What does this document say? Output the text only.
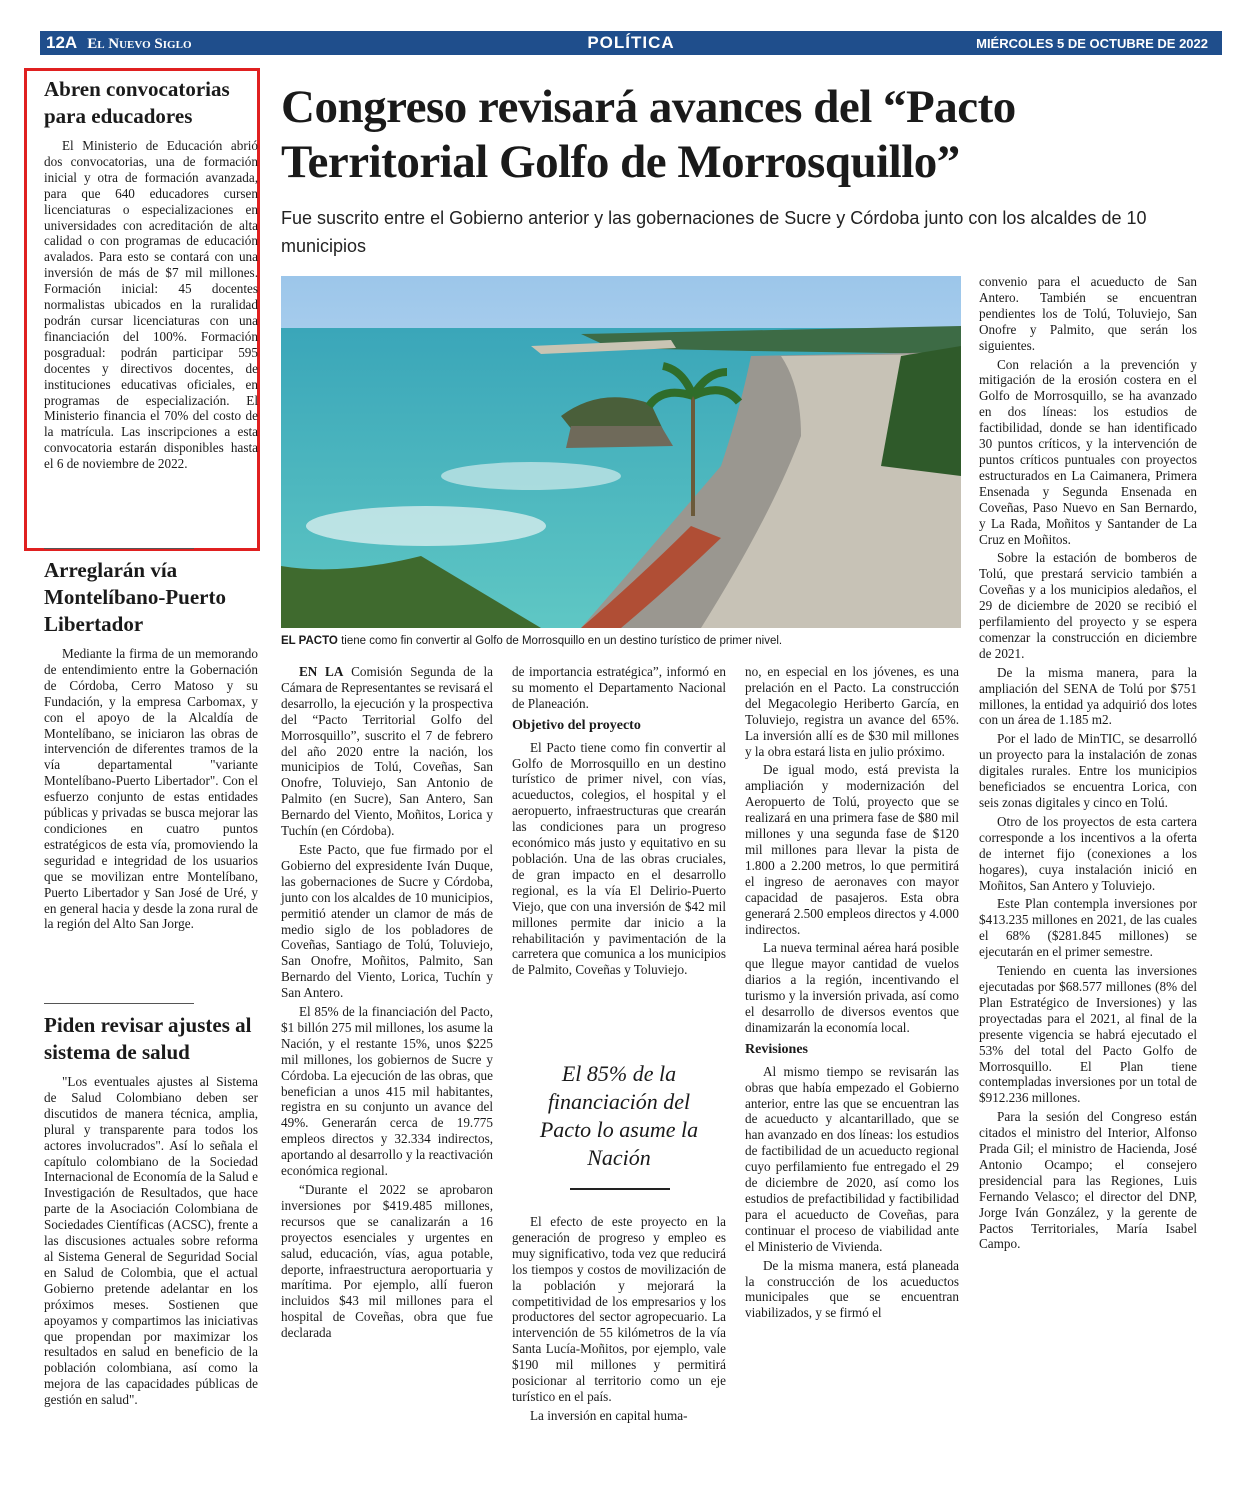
12A El Nuevo Siglo	POLÍTICA	MIÉRCOLES 5 DE OCTUBRE DE 2022
Abren convocatorias para educadores

El Ministerio de Educación abrió dos convocatorias, una de formación inicial y otra de formación avanzada, para que 640 educadores cursen licenciaturas o especializaciones en universidades con acreditación de alta calidad o con programas de educación avalados. Para esto se contará con una inversión de más de $7 mil millones. Formación inicial: 45 docentes normalistas ubicados en la ruralidad podrán cursar licenciaturas con una financiación del 100%. Formación posgradual: podrán participar 595 docentes y directivos docentes, de instituciones educativas oficiales, en programas de especialización. El Ministerio financia el 70% del costo de la matrícula. Las inscripciones a esta convocatoria estarán disponibles hasta el 6 de noviembre de 2022.

Arreglarán vía Montelíbano-Puerto Libertador

Mediante la firma de un memorando de entendimiento entre la Gobernación de Córdoba, Cerro Matoso y su Fundación, y la empresa Carbomax, y con el apoyo de la Alcaldía de Montelíbano, se iniciaron las obras de intervención de diferentes tramos de la vía departamental "variante Montelíbano-Puerto Libertador". Con el esfuerzo conjunto de estas entidades públicas y privadas se busca mejorar las condiciones en cuatro puntos estratégicos de esta vía, promoviendo la seguridad e integridad de los usuarios que se movilizan entre Montelíbano, Puerto Libertador y San José de Uré, y en general hacia y desde la zona rural de la región del Alto San Jorge.

Piden revisar ajustes al sistema de salud

"Los eventuales ajustes al Sistema de Salud Colombiano deben ser discutidos de manera técnica, amplia, plural y transparente para todos los actores involucrados". Así lo señala el capítulo colombiano de la Sociedad Internacional de Economía de la Salud e Investigación de Resultados, que hace parte de la Asociación Colombiana de Sociedades Científicas (ACSC), frente a las discusiones actuales sobre reforma al Sistema General de Seguridad Social en Salud de Colombia, que el actual Gobierno pretende adelantar en los próximos meses. Sostienen que apoyamos y compartimos las iniciativas que propendan por maximizar los resultados en salud en beneficio de la población colombiana, así como la mejora de las capacidades públicas de gestión en salud".

Congreso revisará avances del “Pacto Territorial Golfo de Morrosquillo”

Fue suscrito entre el Gobierno anterior y las gobernaciones de Sucre y Córdoba junto con los alcaldes de 10 municipios

EL PACTO tiene como fin convertir al Golfo de Morrosquillo en un destino turístico de primer nivel.

EN LA Comisión Segunda de la Cámara de Representantes se revisará el desarrollo, la ejecución y la prospectiva del “Pacto Territorial Golfo del Morrosquillo”, suscrito el 7 de febrero del año 2020 entre la nación, los municipios de Tolú, Coveñas, San Onofre, Toluviejo, San Antonio de Palmito (en Sucre), San Antero, San Bernardo del Viento, Moñitos, Lorica y Tuchín (en Córdoba).

Este Pacto, que fue firmado por el Gobierno del expresidente Iván Duque, las gobernaciones de Sucre y Córdoba, junto con los alcaldes de 10 municipios, permitió atender un clamor de más de medio siglo de los pobladores de Coveñas, Santiago de Tolú, Toluviejo, San Onofre, Moñitos, Palmito, San Bernardo del Viento, Lorica, Tuchín y San Antero.

El 85% de la financiación del Pacto, $1 billón 275 mil millones, los asume la Nación, y el restante 15%, unos $225 mil millones, los gobiernos de Sucre y Córdoba. La ejecución de las obras, que benefician a unos 415 mil habitantes, registra en su conjunto un avance del 49%. Generarán cerca de 19.775 empleos directos y 32.334 indirectos, aportando al desarrollo y la reactivación económica regional.

“Durante el 2022 se aprobaron inversiones por $419.485 millones, recursos que se canalizarán a 16 proyectos esenciales y urgentes en salud, educación, vías, agua potable, deporte, infraestructura aeroportuaria y marítima. Por ejemplo, allí fueron incluidos $43 mil millones para el hospital de Coveñas, obra que fue declarada

de importancia estratégica”, informó en su momento el Departamento Nacional de Planeación.

Objetivo del proyecto

El Pacto tiene como fin convertir al Golfo de Morrosquillo en un destino turístico de primer nivel, con vías, acueductos, colegios, el hospital y el aeropuerto, infraestructuras que crearán las condiciones para un progreso económico más justo y equitativo en su población. Una de las obras cruciales, de gran impacto en el desarrollo regional, es la vía El Delirio-Puerto Viejo, que con una inversión de $42 mil millones permite dar inicio a la rehabilitación y pavimentación de la carretera que comunica a los municipios de Palmito, Coveñas y Toluviejo.

El 85% de la financiación del Pacto lo asume la Nación

El efecto de este proyecto en la generación de progreso y empleo es muy significativo, toda vez que reducirá los tiempos y costos de movilización de la población y mejorará la competitividad de los empresarios y los productores del sector agropecuario. La intervención de 55 kilómetros de la vía Santa Lucía-Moñitos, por ejemplo, vale $190 mil millones y permitirá posicionar al territorio como un eje turístico en el país.

La inversión en capital huma-

no, en especial en los jóvenes, es una prelación en el Pacto. La construcción del Megacolegio Heriberto García, en Toluviejo, registra un avance del 65%. La inversión allí es de $30 mil millones y la obra estará lista en julio próximo.

De igual modo, está prevista la ampliación y modernización del Aeropuerto de Tolú, proyecto que se realizará en una primera fase de $80 mil millones y una segunda fase de $120 mil millones para llevar la pista de 1.800 a 2.200 metros, lo que permitirá el ingreso de aeronaves con mayor capacidad de pasajeros. Esta obra generará 2.500 empleos directos y 4.000 indirectos.

La nueva terminal aérea hará posible que llegue mayor cantidad de vuelos diarios a la región, incentivando el turismo y la inversión privada, así como el desarrollo de diversos eventos que dinamizarán la economía local.

Revisiones

Al mismo tiempo se revisarán las obras que había empezado el Gobierno anterior, entre las que se encuentran las de acueducto y alcantarillado, que se han avanzado en dos líneas: los estudios de factibilidad de un acueducto regional cuyo perfilamiento fue entregado el 29 de diciembre de 2020, así como los estudios de prefactibilidad y factibilidad para el acueducto de Coveñas, para continuar el proceso de viabilidad ante el Ministerio de Vivienda.

De la misma manera, está planeada la construcción de los acueductos municipales que se encuentran viabilizados, y se firmó el

convenio para el acueducto de San Antero. También se encuentran pendientes los de Tolú, Toluviejo, San Onofre y Palmito, que serán los siguientes.

Con relación a la prevención y mitigación de la erosión costera en el Golfo de Morrosquillo, se ha avanzado en dos líneas: los estudios de factibilidad, donde se han identificado 30 puntos críticos, y la intervención de puntos críticos puntuales con proyectos estructurados en La Caimanera, Primera Ensenada y Segunda Ensenada en Coveñas, Paso Nuevo en San Bernardo, y La Rada, Moñitos y Santander de La Cruz en Moñitos.

Sobre la estación de bomberos de Tolú, que prestará servicio también a Coveñas y a los municipios aledaños, el 29 de diciembre de 2020 se recibió el perfilamiento del proyecto y se espera comenzar la construcción en diciembre de 2021.

De la misma manera, para la ampliación del SENA de Tolú por $751 millones, la entidad ya adquirió dos lotes con un área de 1.185 m2.

Por el lado de MinTIC, se desarrolló un proyecto para la instalación de zonas digitales rurales. Entre los municipios beneficiados se encuentra Lorica, con seis zonas digitales y cinco en Tolú.

Otro de los proyectos de esta cartera corresponde a los incentivos a la oferta de internet fijo (conexiones a los hogares), cuya instalación inició en Moñitos, San Antero y Toluviejo.

Este Plan contempla inversiones por $413.235 millones en 2021, de las cuales el 68% ($281.845 millones) se ejecutarán en el primer semestre.

Teniendo en cuenta las inversiones ejecutadas por $68.577 millones (8% del Plan Estratégico de Inversiones) y las proyectadas para el 2021, al final de la presente vigencia se habrá ejecutado el 53% del total del Pacto Golfo de Morrosquillo. El Plan tiene contempladas inversiones por un total de $912.236 millones.

Para la sesión del Congreso están citados el ministro del Interior, Alfonso Prada Gil; el ministro de Hacienda, José Antonio Ocampo; el consejero presidencial para las Regiones, Luis Fernando Velasco; el director del DNP, Jorge Iván González, y la gerente de Pactos Territoriales, María Isabel Campo.
